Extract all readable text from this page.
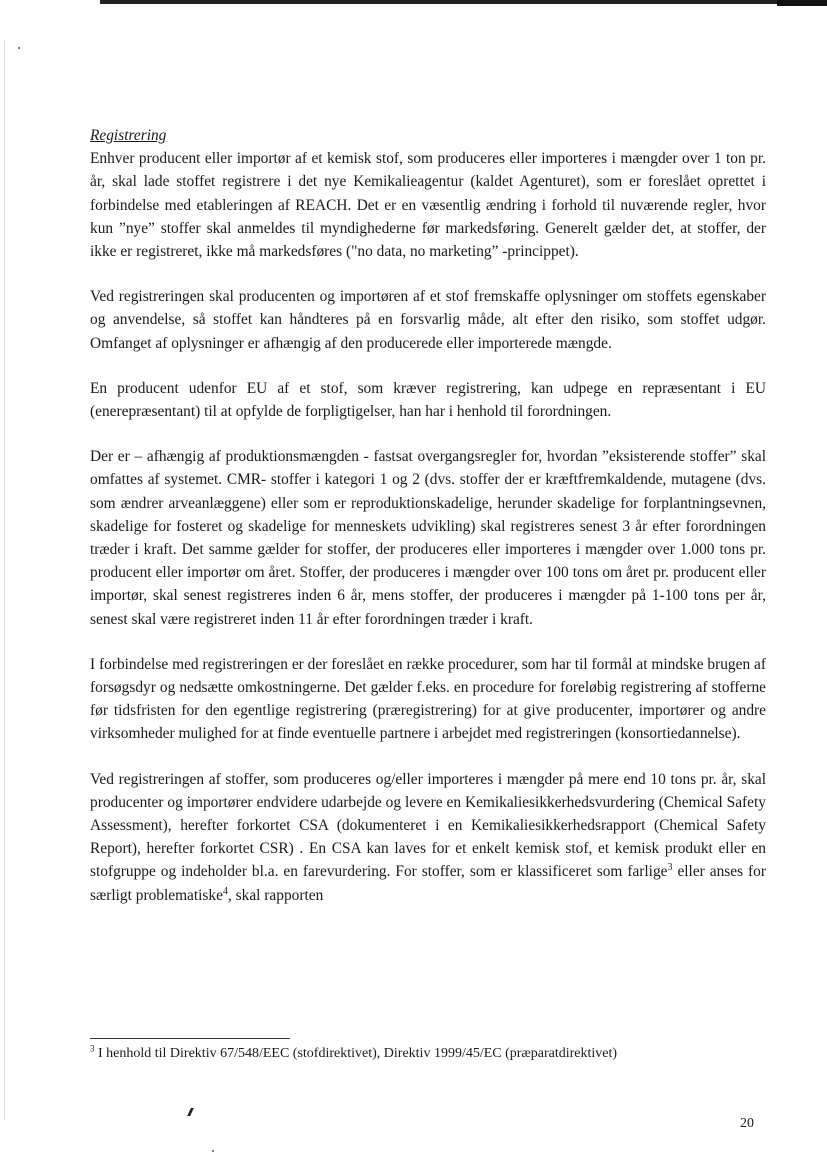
Registrering

Enhver producent eller importør af et kemisk stof, som produceres eller importeres i mængder over 1 ton pr. år, skal lade stoffet registrere i det nye Kemikalieagentur (kaldet Agenturet), som er foreslået oprettet i forbindelse med etableringen af REACH. Det er en væsentlig ændring i forhold til nuværende regler, hvor kun ”nye” stoffer skal anmeldes til myndighederne før markedsføring. Generelt gælder det, at stoffer, der ikke er registreret, ikke må markedsføres ("no data, no marketing” -princippet).

Ved registreringen skal producenten og importøren af et stof fremskaffe oplysninger om stoffets egenskaber og anvendelse, så stoffet kan håndteres på en forsvarlig måde, alt efter den risiko, som stoffet udgør. Omfanget af oplysninger er afhængig af den producerede eller importerede mængde.

En producent udenfor EU af et stof, som kræver registrering, kan udpege en repræsentant i EU (enerepræsentant) til at opfylde de forpligtigelser, han har i henhold til forordningen.

Der er – afhængig af produktionsmængden - fastsat overgangsregler for, hvordan ”eksisterende stoffer” skal omfattes af systemet. CMR- stoffer i kategori 1 og 2 (dvs. stoffer der er kræftfremkaldende, mutagene (dvs. som ændrer arveanlæggene) eller som er reproduktionskadelige, herunder skadelige for forplantningsevnen, skadelige for fosteret og skadelige for menneskets udvikling) skal registreres senest 3 år efter forordningen træder i kraft. Det samme gælder for stoffer, der produceres eller importeres i mængder over 1.000 tons pr. producent eller importør om året. Stoffer, der produceres i mængder over 100 tons om året pr. producent eller importør, skal senest registreres inden 6 år, mens stoffer, der produceres i mængder på 1-100 tons per år, senest skal være registreret inden 11 år efter forordningen træder i kraft.

I forbindelse med registreringen er der foreslået en række procedurer, som har til formål at mindske brugen af forsøgsdyr og nedsætte omkostningerne. Det gælder f.eks. en procedure for foreløbig registrering af stofferne før tidsfristen for den egentlige registrering (præregistrering) for at give producenter, importører og andre virksomheder mulighed for at finde eventuelle partnere i arbejdet med registreringen (konsortiedannelse).

Ved registreringen af stoffer, som produceres og/eller importeres i mængder på mere end 10 tons pr. år, skal producenter og importører endvidere udarbejde og levere en Kemikaliesikkerhedsvurdering (Chemical Safety Assessment), herefter forkortet CSA (dokumenteret i en Kemikaliesikkerhedsrapport (Chemical Safety Report), herefter forkortet CSR) . En CSA kan laves for et enkelt kemisk stof, et kemisk produkt eller en stofgruppe og indeholder bl.a. en farevurdering. For stoffer, som er klassificeret som farlige$^3$ eller anses for særligt problematiske$^4$, skal rapporten

$^3$ I henhold til Direktiv 67/548/EEC (stofdirektivet), Direktiv 1999/45/EC (præparatdirektivet)
20
